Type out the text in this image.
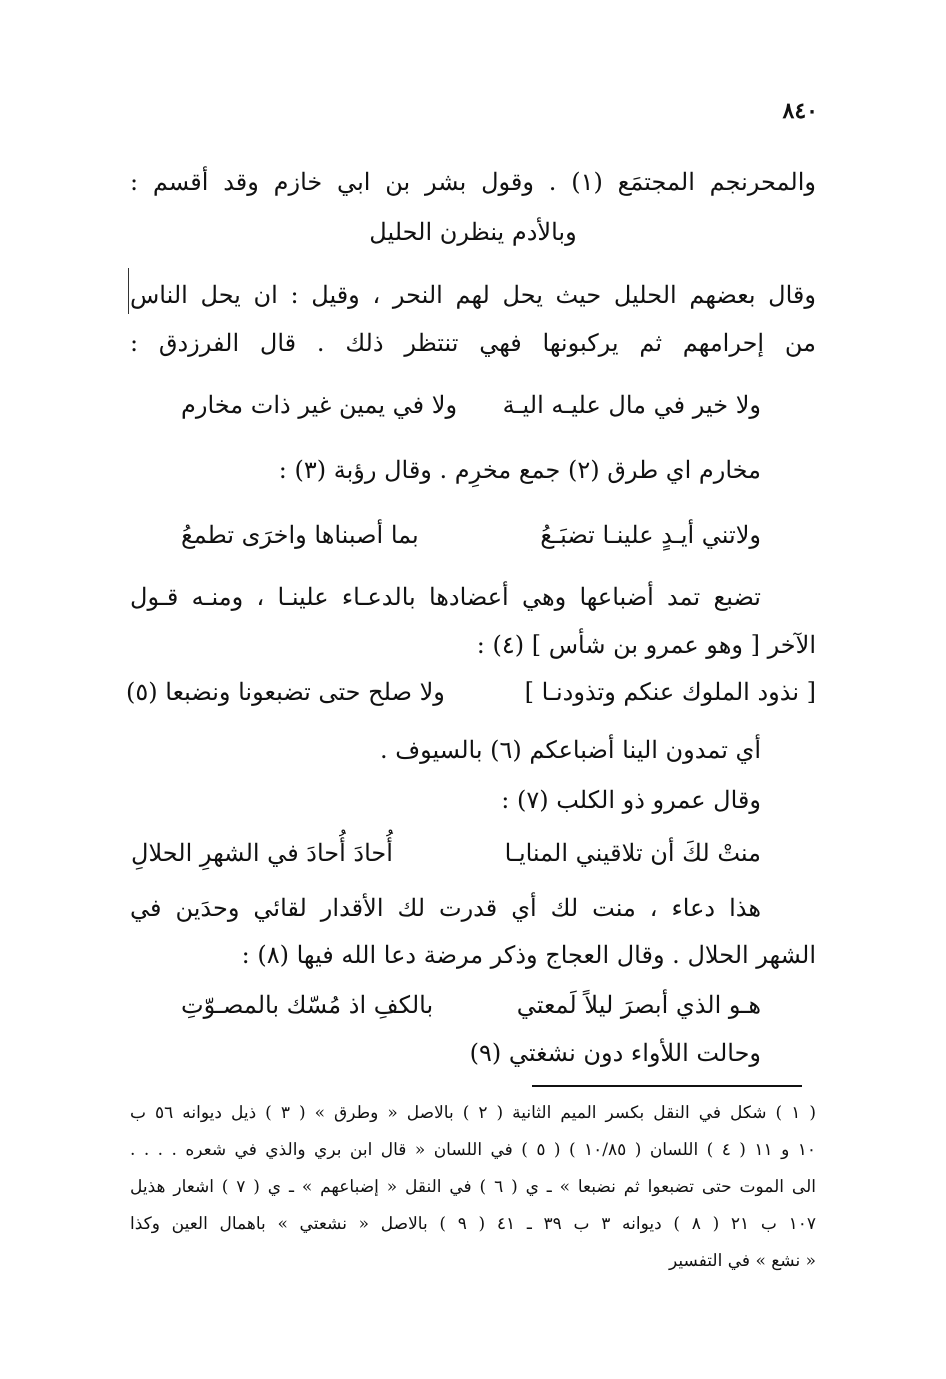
٨٤٠
والمحرنجم المجتمَع (١) . وقول بشر بن ابي خازم وقد أقسم :
وبالأدم ينظرن الحليل
وقال بعضهم الحليل حيث يحل لهم النحر ، وقيل : ان يحل الناس
من إحرامهم ثم يركبونها فهي تنتظر ذلك . قال الفرزدق :
ولا خير في مال عليـه اليـة
ولا في يمين غير ذات مخارم
مخارم اي طرق (٢) جمع مخرِم . وقال رؤبة (٣) :
ولاتني أيـدٍ علينـا تضبَـعُ
بما أصبناها واخرَى تطمعُ
تضبع تمد أضباعها وهي أعضادها بالدعـاء علينـا ، ومنـه قـول
الآخر [ وهو عمرو بن شأس ] (٤) :
[ نذود الملوك عنكم وتذودنـا ]
ولا صلح حتى تضبعونا ونضبعا (٥)
أي تمدون الينا أضباعكم (٦) بالسيوف .
وقال عمرو ذو الكلب (٧) :
منتْ لكَ أن تلاقيني المنايـا
أُحادَ أُحادَ في الشهرِ الحلالِ
هذا دعاء ، منت لك أي قدرت لك الأقدار لقائي وحدَين في
الشهر الحلال . وقال العجاج وذكر مرضة دعا الله فيها (٨) :
هـو الذي أبصرَ ليلاً لَمعتي
بالكفِ اذ مُسّك بالمصـوّتِ
وحالت اللأواء دون نشغتي (٩)
( ١ ) شكل في النقل بكسر الميم الثانية ( ٢ ) بالاصل « وطرق » ( ٣ ) ذيل ديوانه ٥٦ ب
١٠ و ١١ ( ٤ ) اللسان ( ١٠/٨٥ ) ( ٥ ) في اللسان « قال ابن بري والذي في شعره . . . .
الى الموت حتى تضبعوا ثم نضبعا » ـ ي ( ٦ ) في النقل « إضباعهم » ـ ي ( ٧ ) اشعار هذيل
١٠٧ ب ٢١ ( ٨ ) ديوانه ٣ ب ٣٩ ـ ٤١ ( ٩ ) بالاصل « نشعتي » باهمال العين وكذا
« نشع » في التفسير
